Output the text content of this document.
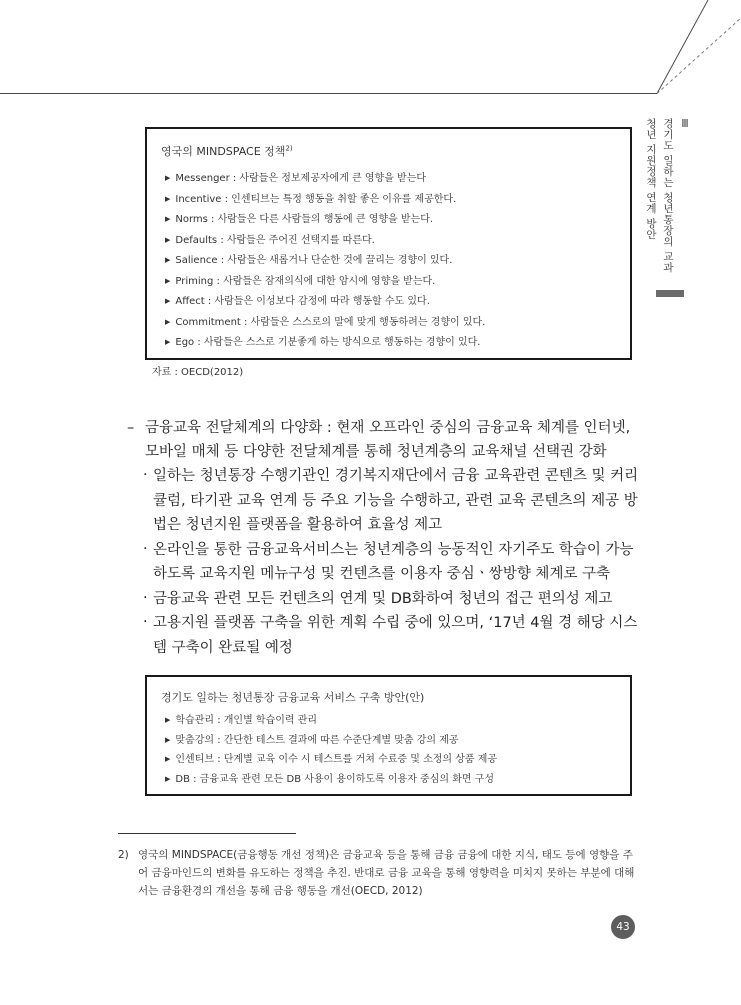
Ⅲ
경기도 일하는 청년통장의 교과
청년 지원정책 연계 방안
영국의 MINDSPACE 정책$^{2)}$
▶ Messenger : 사람들은 정보제공자에게 큰 영향을 받는다
▶ Incentive : 인센티브는 특정 행동을 취할 좋은 이유를 제공한다.
▶ Norms : 사람들은 다른 사람들의 행동에 큰 영향을 받는다.
▶ Defaults : 사람들은 주어진 선택지를 따른다.
▶ Salience : 사람들은 새롭거나 단순한 것에 끌리는 경향이 있다.
▶ Priming : 사람들은 잠재의식에 대한 암시에 영향을 받는다.
▶ Affect : 사람들은 이성보다 감정에 따라 행동할 수도 있다.
▶ Commitment : 사람들은 스스로의 말에 맞게 행동하려는 경향이 있다.
▶ Ego : 사람들은 스스로 기분좋게 하는 방식으로 행동하는 경향이 있다.
자료 : OECD(2012)
– 금융교육 전달체계의 다양화 : 현재 오프라인 중심의 금융교육 체계를 인터넷, 모바일 매체 등 다양한 전달체계를 통해 청년계층의 교육채널 선택권 강화
· 일하는 청년통장 수행기관인 경기복지재단에서 금융 교육관련 콘텐츠 및 커리큘럼, 타기관 교육 연계 등 주요 기능을 수행하고, 관련 교육 콘텐츠의 제공 방법은 청년지원 플랫폼을 활용하여 효율성 제고
· 온라인을 통한 금융교육서비스는 청년계층의 능동적인 자기주도 학습이 가능하도록 교육지원 메뉴구성 및 컨텐츠를 이용자 중심ㆍ쌍방향 체계로 구축
· 금융교육 관련 모든 컨텐츠의 연계 및 DB화하여 청년의 접근 편의성 제고
· 고용지원 플랫폼 구축을 위한 계획 수립 중에 있으며, ‘17년 4월 경 해당 시스템 구축이 완료될 예정
경기도 일하는 청년통장 금융교육 서비스 구축 방안(안)
▶ 학습관리 : 개인별 학습이력 관리
▶ 맞춤강의 : 간단한 테스트 결과에 따른 수준단계별 맞춤 강의 제공
▶ 인센티브 : 단계별 교육 이수 시 테스트를 거쳐 수료증 및 소정의 상품 제공
▶ DB : 금융교육 관련 모든 DB 사용이 용이하도록 이용자 중심의 화면 구성
2) 영국의 MINDSPACE(금융행동 개선 정책)은 금융교육 등을 통해 금융 금융에 대한 지식, 태도 등에 영향을 주어 금융마인드의 변화를 유도하는 정책을 추진. 반대로 금융 교육을 통해 영향력을 미치지 못하는 부분에 대해서는 금융환경의 개선을 통해 금융 행동을 개선(OECD, 2012)
43
